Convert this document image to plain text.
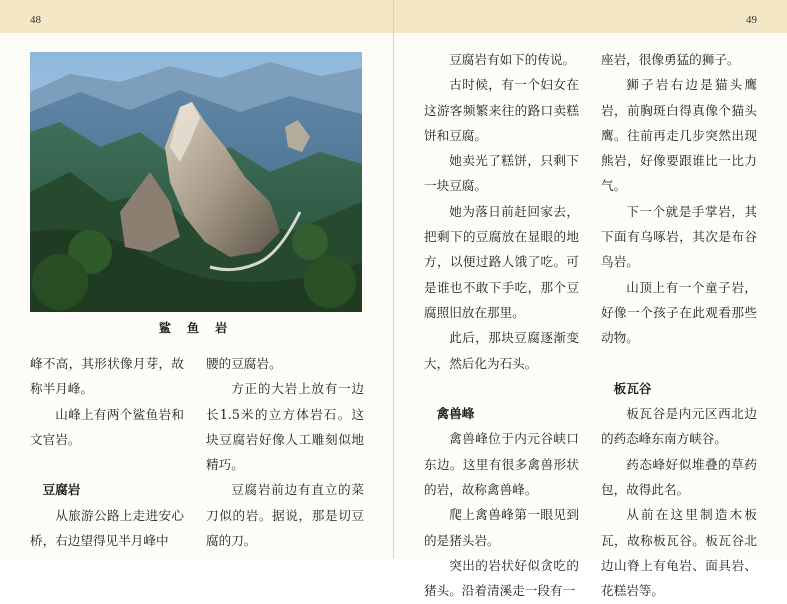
48
鲨 鱼 岩

峰不高，其形状像月芽，故称半月峰。

山峰上有两个鲨鱼岩和文官岩。

豆腐岩

从旅游公路上走进安心桥，右边望得见半月峰中

腰的豆腐岩。

方正的大岩上放有一边长1.5米的立方体岩石。这块豆腐岩好像人工雕刻似地精巧。

豆腐岩前边有直立的菜刀似的岩。据说，那是切豆腐的刀。

49

豆腐岩有如下的传说。

古时候，有一个妇女在这游客频繁来往的路口卖糕饼和豆腐。

她卖光了糕饼，只剩下一块豆腐。

她为落日前赶回家去，把剩下的豆腐放在显眼的地方，以便过路人饿了吃。可是谁也不敢下手吃，那个豆腐照旧放在那里。

此后，那块豆腐逐渐变大，然后化为石头。

禽兽峰

禽兽峰位于内元谷峡口东边。这里有很多禽兽形状的岩，故称禽兽峰。

爬上禽兽峰第一眼见到的是猪头岩。

突出的岩状好似贪吃的猪头。沿着清溪走一段有一

座岩，很像勇猛的狮子。

狮子岩右边是猫头鹰岩，前胸斑白得真像个猫头鹰。往前再走几步突然出现熊岩，好像要跟谁比一比力气。

下一个就是手掌岩，其下面有乌啄岩，其次是布谷鸟岩。

山顶上有一个童子岩，好像一个孩子在此观看那些动物。

板瓦谷

板瓦谷是内元区西北边的药态峰东南方峡谷。

药态峰好似堆叠的草药包，故得此名。

从前在这里制造木板瓦，故称板瓦谷。板瓦谷北边山脊上有龟岩、面具岩、花糕岩等。
